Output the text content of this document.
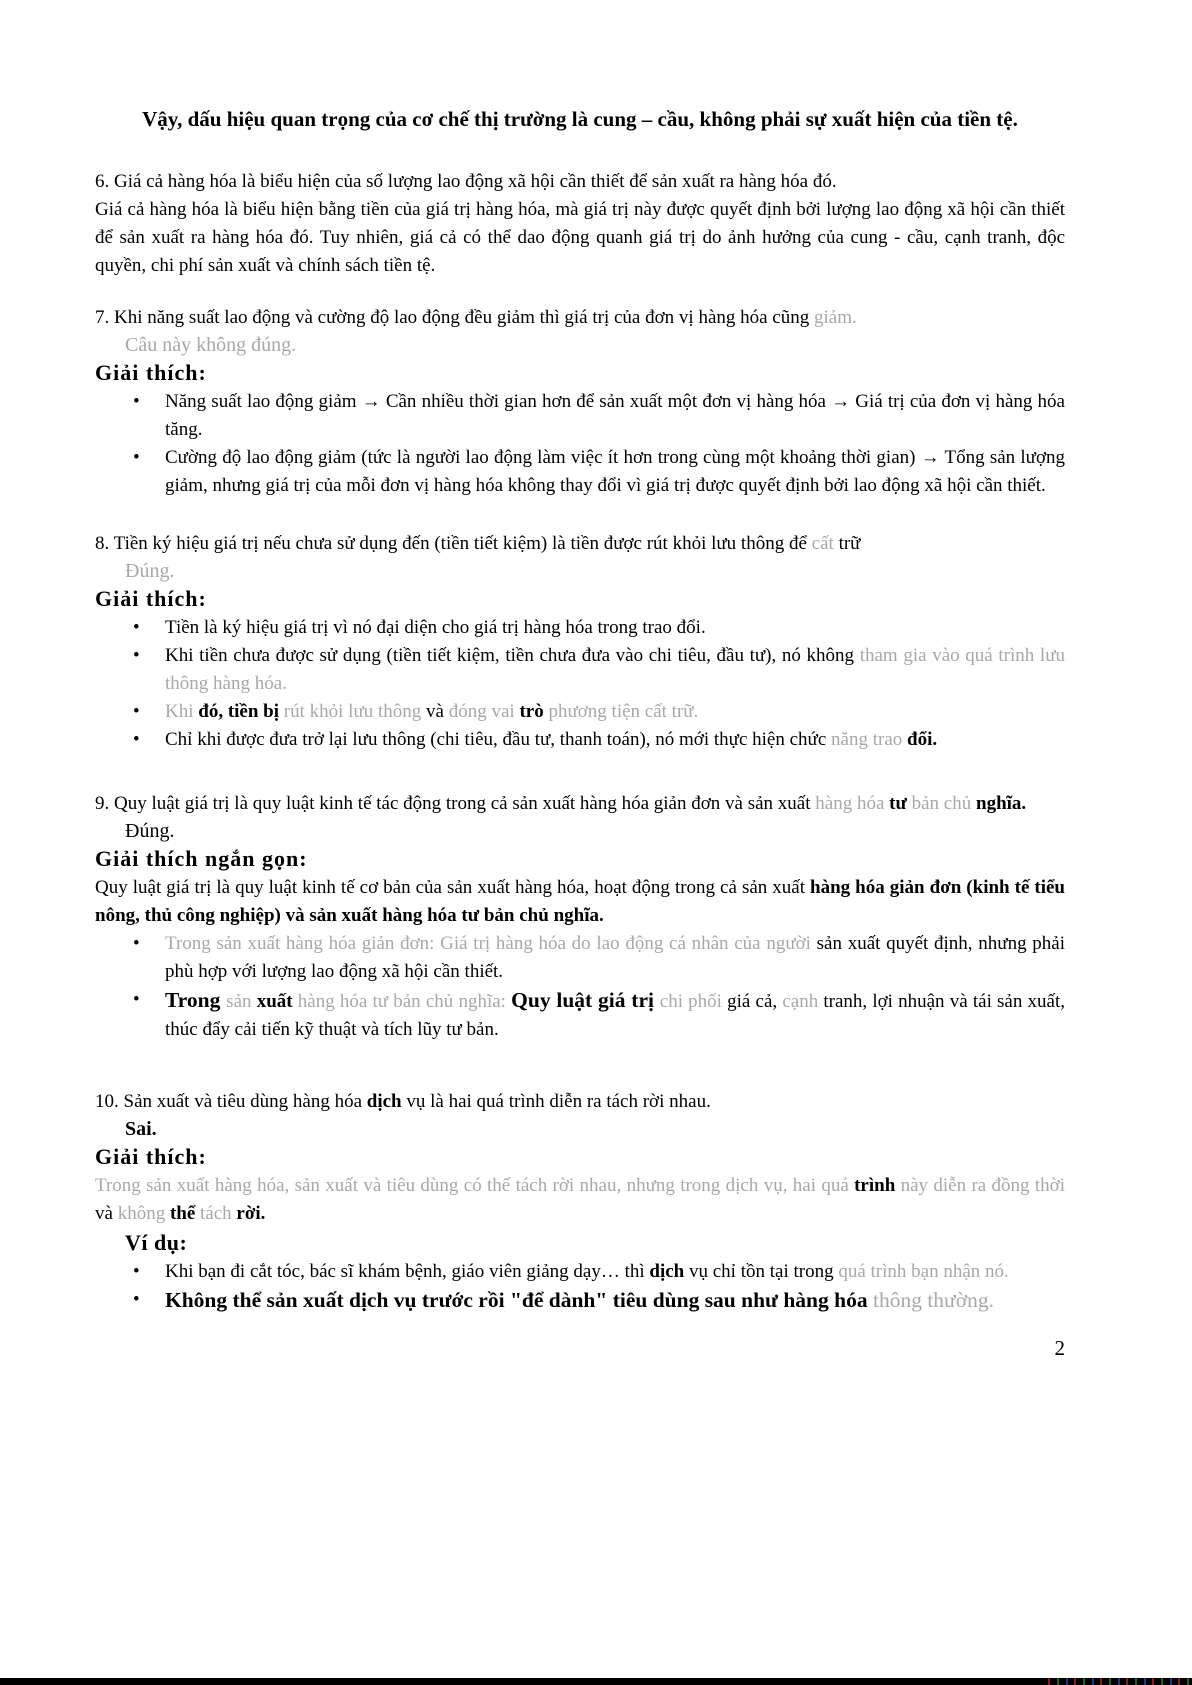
Vậy, dấu hiệu quan trọng của cơ chế thị trường là cung – cầu, không phải sự xuất hiện của tiền tệ.

6. Giá cả hàng hóa là biểu hiện của số lượng lao động xã hội cần thiết để sản xuất ra hàng hóa đó.

Giá cả hàng hóa là biểu hiện bằng tiền của giá trị hàng hóa, mà giá trị này được quyết định bởi lượng lao động xã hội cần thiết để sản xuất ra hàng hóa đó. Tuy nhiên, giá cả có thể dao động quanh giá trị do ảnh hưởng của cung - cầu, cạnh tranh, độc quyền, chi phí sản xuất và chính sách tiền tệ.

7. Khi năng suất lao động và cường độ lao động đều giảm thì giá trị của đơn vị hàng hóa cũng giảm.

Câu này không đúng.

Giải thích:

• Năng suất lao động giảm → Cần nhiều thời gian hơn để sản xuất một đơn vị hàng hóa → Giá trị của đơn vị hàng hóa tăng.

• Cường độ lao động giảm (tức là người lao động làm việc ít hơn trong cùng một khoảng thời gian) → Tổng sản lượng giảm, nhưng giá trị của mỗi đơn vị hàng hóa không thay đổi vì giá trị được quyết định bởi lao động xã hội cần thiết.

8. Tiền ký hiệu giá trị nếu chưa sử dụng đến (tiền tiết kiệm) là tiền được rút khỏi lưu thông để cất trữ

Đúng.

Giải thích:

• Tiền là ký hiệu giá trị vì nó đại diện cho giá trị hàng hóa trong trao đổi.

• Khi tiền chưa được sử dụng (tiền tiết kiệm, tiền chưa đưa vào chi tiêu, đầu tư), nó không tham gia vào quá trình lưu thông hàng hóa.

• Khi đó, tiền bị rút khỏi lưu thông và đóng vai trò phương tiện cất trữ.

• Chỉ khi được đưa trở lại lưu thông (chi tiêu, đầu tư, thanh toán), nó mới thực hiện chức năng trao đổi.

9. Quy luật giá trị là quy luật kinh tế tác động trong cả sản xuất hàng hóa giản đơn và sản xuất hàng hóa tư bản chủ nghĩa.

Đúng.

Giải thích ngắn gọn:

Quy luật giá trị là quy luật kinh tế cơ bản của sản xuất hàng hóa, hoạt động trong cả sản xuất hàng hóa giản đơn (kinh tế tiểu nông, thủ công nghiệp) và sản xuất hàng hóa tư bản chủ nghĩa.

• Trong sản xuất hàng hóa giản đơn: Giá trị hàng hóa do lao động cá nhân của người sản xuất quyết định, nhưng phải phù hợp với lượng lao động xã hội cần thiết.

• Trong sản xuất hàng hóa tư bản chủ nghĩa: Quy luật giá trị chi phối giá cả, cạnh tranh, lợi nhuận và tái sản xuất, thúc đẩy cải tiến kỹ thuật và tích lũy tư bản.

10. Sản xuất và tiêu dùng hàng hóa dịch vụ là hai quá trình diễn ra tách rời nhau.

Sai.

Giải thích:

Trong sản xuất hàng hóa, sản xuất và tiêu dùng có thể tách rời nhau, nhưng trong dịch vụ, hai quá trình này diễn ra đồng thời và không thể tách rời.

Ví dụ:

• Khi bạn đi cắt tóc, bác sĩ khám bệnh, giáo viên giảng dạy… thì dịch vụ chỉ tồn tại trong quá trình bạn nhận nó.

• Không thể sản xuất dịch vụ trước rồi "để dành" tiêu dùng sau như hàng hóa thông thường.

2
